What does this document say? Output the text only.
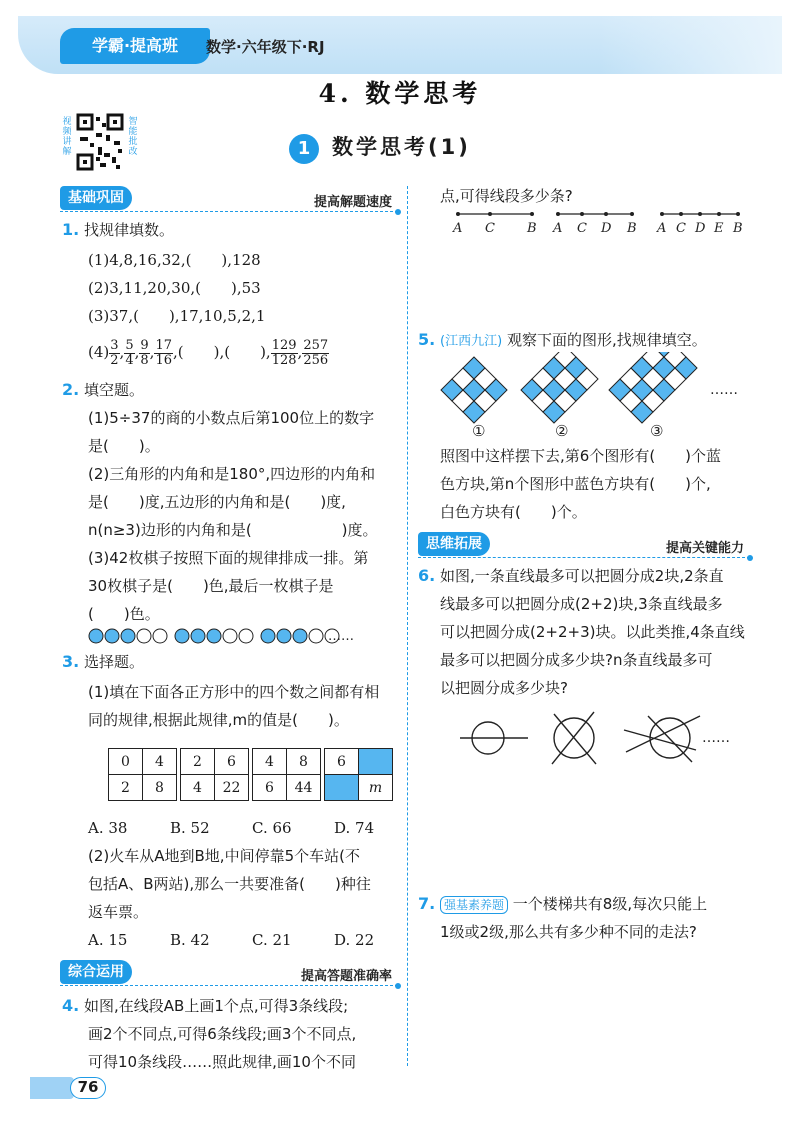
学霸·提高班	数学·六年级下·RJ
4. 数学思考
视频讲解
智能批改	1	数学思考(1)
基础巩固	提高解题速度
1. 找规律填数。
(1)4,8,16,32,(　　),128
(2)3,11,20,30,(　　),53
(3)37,(　　),17,10,5,2,1
$(4) \frac{3}{2}$ , $\frac{5}{4}$ , $\frac{9}{8}$ , $\frac{17}{16}$ ,(　　),(　　), $\frac{129}{128}$ , $\frac{257}{256}$
2. 填空题。
(1)5÷37的商的小数点后第100位上的数字
是(　　)。
(2)三角形的内角和是180°,四边形的内角和
是(　　)度,五边形的内角和是(　　)度,
n(n≥3)边形的内角和是(　　　　　　)度。
(3)42枚棋子按照下面的规律排成一排。第
30枚棋子是(　　)色,最后一枚棋子是
(　　)色。
……
3. 选择题。
(1)填在下面各正方形中的四个数之间都有相
同的规律,根据此规律,m的值是(　　)。
0	4
2	8
2	6
4	22
4	8
6	44
6	
	m
A. 38	B. 52	C. 66	D. 74
(2)火车从A地到B地,中间停靠5个车站(不
包括A、B两站),那么一共要准备(　　)种往
返车票。
A. 15	B. 42	C. 21	D. 22
综合运用	提高答题准确率
4. 如图,在线段AB上画1个点,可得3条线段;
画2个不同点,可得6条线段;画3个不同点,
可得10条线段……照此规律,画10个不同
76
点,可得线段多少条?
A C B A C D B A C D E B
5. (江西九江) 观察下面的图形,找规律填空。
……
①	②	③
照图中这样摆下去,第6个图形有(　　)个蓝
色方块,第n个图形中蓝色方块有(　　)个,
白色方块有(　　)个。
思维拓展	提高关键能力
6. 如图,一条直线最多可以把圆分成2块,2条直
线最多可以把圆分成(2+2)块,3条直线最多
可以把圆分成(2+2+3)块。以此类推,4条直线
最多可以把圆分成多少块?n条直线最多可
以把圆分成多少块?
……
7. 强基素养题 一个楼梯共有8级,每次只能上
1级或2级,那么共有多少种不同的走法?
